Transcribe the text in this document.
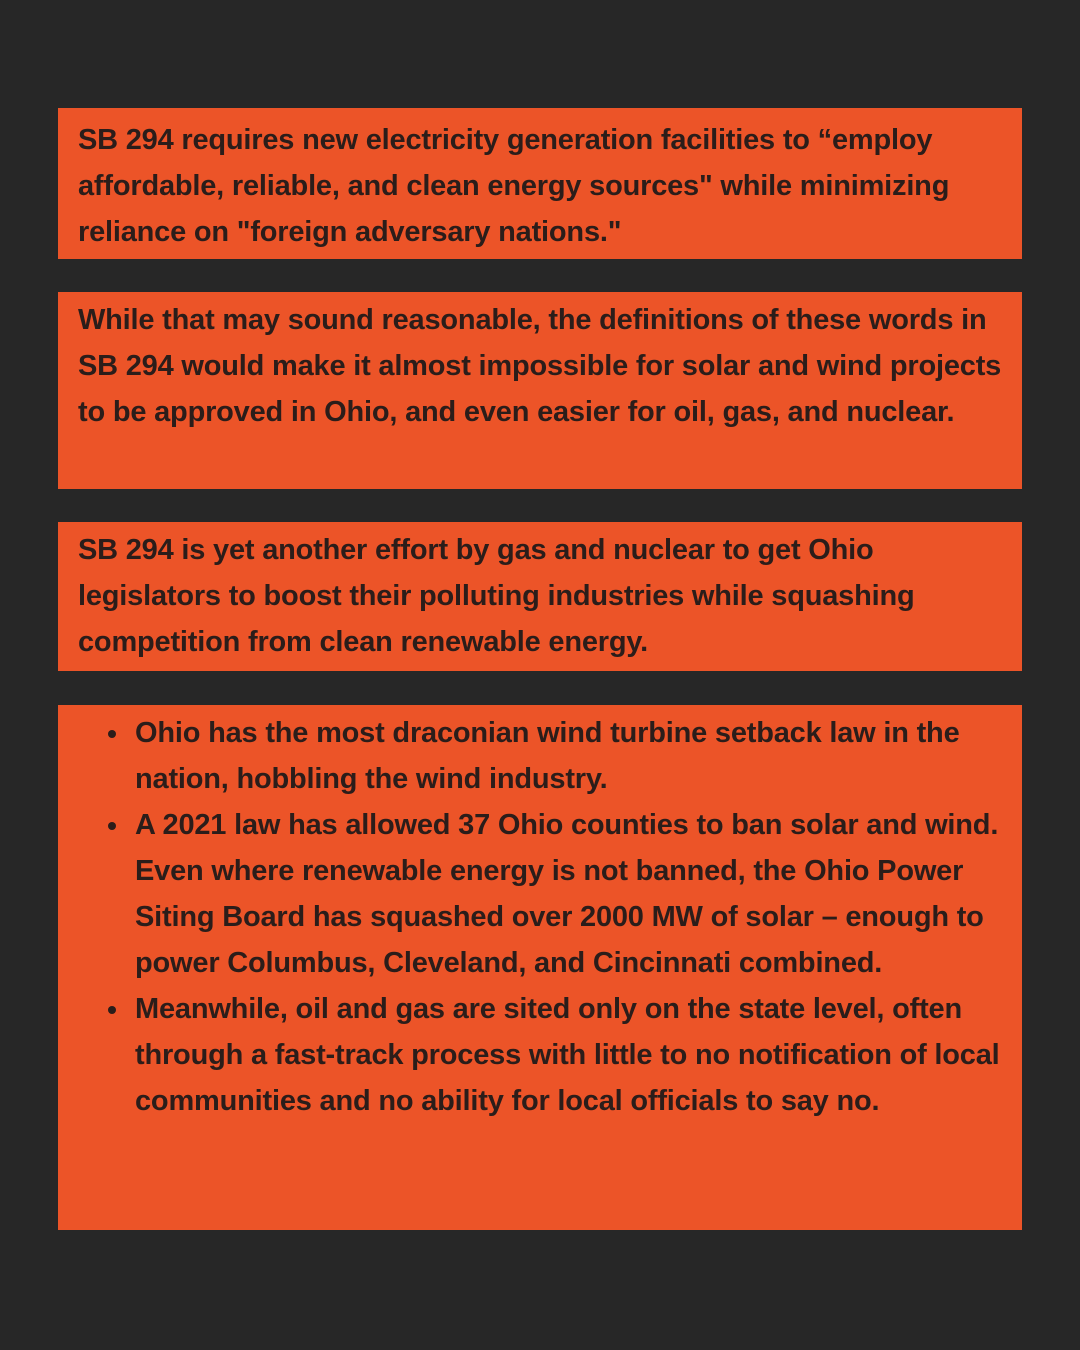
SB 294 requires new electricity generation facilities to “employ affordable, reliable, and clean energy sources" while minimizing reliance on "foreign adversary nations."

While that may sound reasonable, the definitions of these words in SB 294 would make it almost impossible for solar and wind projects to be approved in Ohio, and even easier for oil, gas, and nuclear.

SB 294 is yet another effort by gas and nuclear to get Ohio legislators to boost their polluting industries while squashing competition from clean renewable energy.

Ohio has the most draconian wind turbine setback law in the nation, hobbling the wind industry.
A 2021 law has allowed 37 Ohio counties to ban solar and wind. Even where renewable energy is not banned, the Ohio Power Siting Board has squashed over 2000 MW of solar – enough to power Columbus, Cleveland, and Cincinnati combined.
Meanwhile, oil and gas are sited only on the state level, often through a fast-track process with little to no notification of local communities and no ability for local officials to say no.
